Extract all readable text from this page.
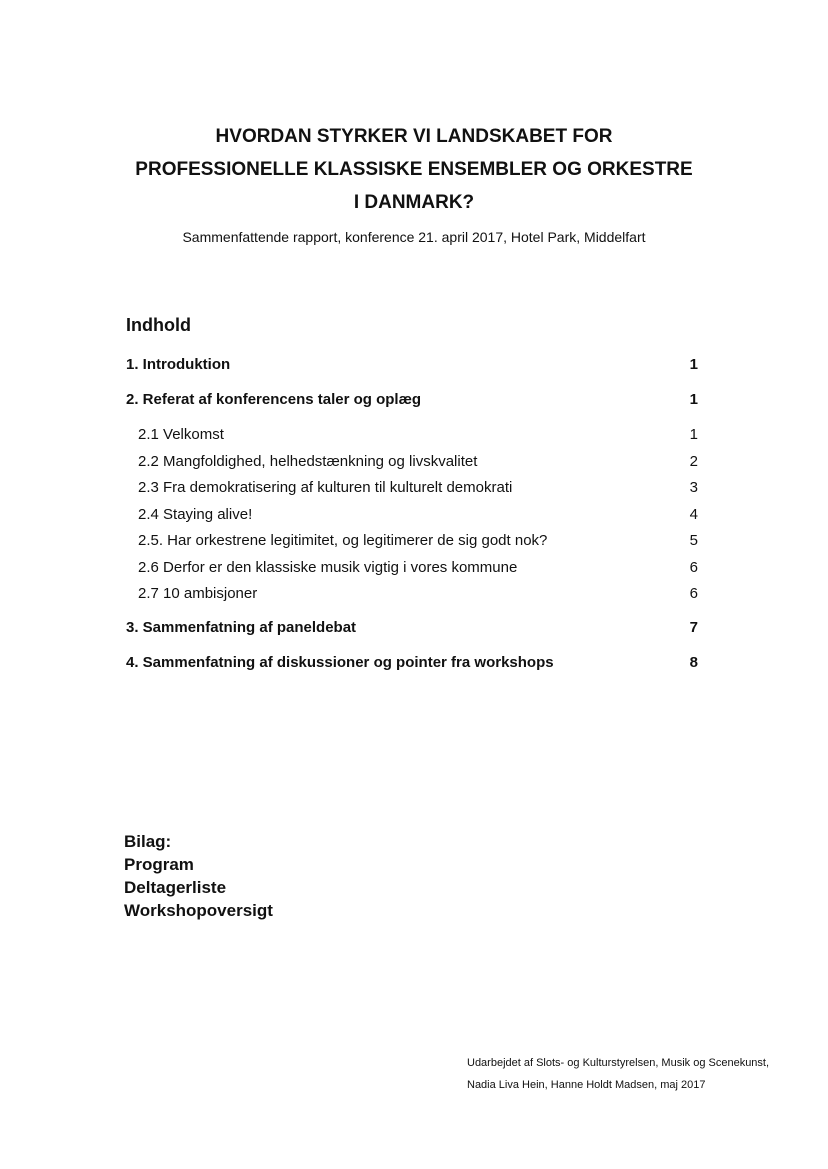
HVORDAN STYRKER VI LANDSKABET FOR
PROFESSIONELLE KLASSISKE ENSEMBLER OG ORKESTRE
I DANMARK?
Sammenfattende rapport, konference 21. april 2017, Hotel Park, Middelfart
Indhold
1. Introduktion	1
2. Referat af konferencens taler og oplæg	1
2.1 Velkomst	1
2.2 Mangfoldighed, helhedstænkning og livskvalitet	2
2.3 Fra demokratisering af kulturen til kulturelt demokrati	3
2.4 Staying alive!	4
2.5. Har orkestrene legitimitet, og legitimerer de sig godt nok?	5
2.6 Derfor er den klassiske musik vigtig i vores kommune	6
2.7 10 ambisjoner	6
3. Sammenfatning af paneldebat	7
4. Sammenfatning af diskussioner og pointer fra workshops	8
Bilag:
Program
Deltagerliste
Workshopoversigt
Udarbejdet af Slots- og Kulturstyrelsen, Musik og Scenekunst,
Nadia Liva Hein, Hanne Holdt Madsen, maj 2017
